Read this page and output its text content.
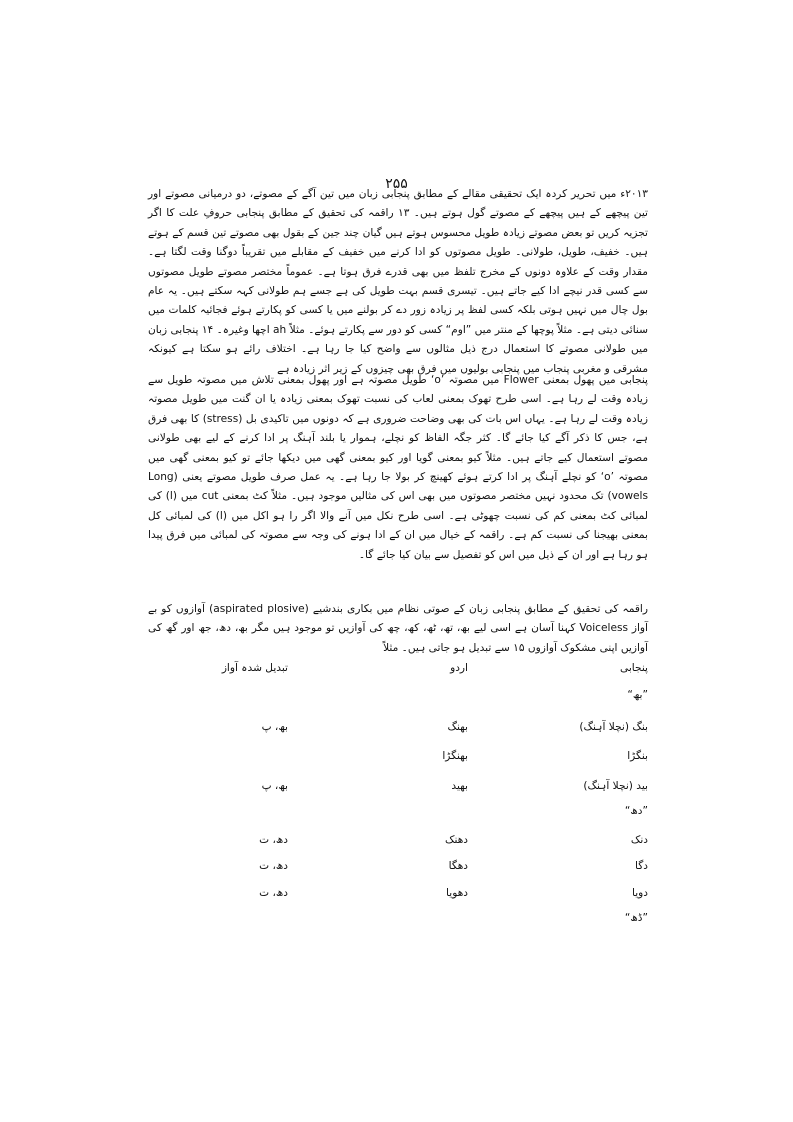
۲۵۵

۲۰۱۳ء میں تحریر کردہ ایک تحقیقی مقالے کے مطابق پنجابی زبان میں تین آگے کے مصوتے، دو درمیانی مصوتے اور تین پیچھے کے ہیں پیچھے کے مصوتے گول ہوتے ہیں۔ ۱۳ راقمہ کی تحقیق کے مطابق پنجابی حروفِ علت کا اگر تجزیہ کریں تو بعض مصوتے زیادہ طویل محسوس ہوتے ہیں گیان چند جین کے بقول بھی مصوتے تین قسم کے ہوتے ہیں۔ خفیف، طویل، طولانی۔ طویل مصوتوں کو ادا کرنے میں خفیف کے مقابلے میں تقریباً دوگنا وقت لگتا ہے۔ مقدار وقت کے علاوہ دونوں کے مخرج تلفظ میں بھی قدرے فرق ہوتا ہے۔ عموماً مختصر مصوتے طویل مصوتوں سے کسی قدر نیچے ادا کیے جاتے ہیں۔ تیسری قسم بہت طویل کی ہے جسے ہم طولانی کہہ سکتے ہیں۔ یہ عام بول چال میں نہیں ہوتی بلکہ کسی لفظ پر زیادہ زور دے کر بولنے میں یا کسی کو پکارتے ہوئے فجائیہ کلمات میں سنائی دیتی ہے۔ مثلاً پوچھا کے منتر میں ”اوم“ کسی کو دور سے پکارتے ہوئے۔ مثلاً ah اچھا وغیرہ۔ ۱۴ پنجابی زبان میں طولانی مصوتے کا استعمال درج ذیل مثالوں سے واضح کیا جا رہا ہے۔ اختلاف رائے ہو سکتا ہے کیونکہ مشرقی و مغربی پنجاب میں پنجابی بولیوں میں فرق بھی چیزوں کے زیر اثر زیادہ ہے

پنجابی میں پھول بمعنی Flower میں مصوتہ ’o‘ طویل مصوتہ ہے اور پھول بمعنی تلاش میں مصوتہ طویل سے زیادہ وقت لے رہا ہے۔ اسی طرح تھوک بمعنی لعاب کی نسبت تھوک بمعنی زیادہ یا ان گنت میں طویل مصوتہ زیادہ وقت لے رہا ہے۔ یہاں اس بات کی بھی وضاحت ضروری ہے کہ دونوں میں تاکیدی بل (stress) کا بھی فرق ہے، جس کا ذکر آگے کیا جائے گا۔ کثر جگہ الفاظ کو نچلے، ہموار یا بلند آہنگ پر ادا کرنے کے لیے بھی طولانی مصوتے استعمال کیے جاتے ہیں۔ مثلاً کیو بمعنی گویا اور کیو بمعنی گھی میں دیکھا جائے تو کیو بمعنی گھی میں مصوتہ ’o‘ کو نچلے آہنگ پر ادا کرتے ہوئے کھینچ کر بولا جا رہا ہے۔ یہ عمل صرف طویل مصوتے یعنی (Long vowels) تک محدود نہیں مختصر مصوتوں میں بھی اس کی مثالیں موجود ہیں۔ مثلاً کٹ بمعنی cut میں (ا) کی لمبائی کٹ بمعنی کم کی نسبت چھوٹی ہے۔ اسی طرح نکل میں آنے والا اگر را ہو اکل میں (ا) کی لمبائی کل بمعنی بھیجنا کی نسبت کم ہے۔ راقمہ کے خیال میں ان کے ادا ہونے کی وجہ سے مصوتہ کی لمبائی میں فرق پیدا ہو رہا ہے اور ان کے ذیل میں اس کو تفصیل سے بیان کیا جائے گا۔

راقمہ کی تحقیق کے مطابق پنجابی زبان کے صوتی نظام میں بکاری بندشیے (aspirated plosive) آوازوں کو بے آواز Voiceless کہنا آسان ہے اسی لیے بھ، تھ، ٹھ، کھ، چھ کی آوازیں تو موجود ہیں مگر بھ، دھ، جھ اور گھ کی آوازیں اپنی مشکوک آوازوں ۱۵ سے تبدیل ہو جاتی ہیں۔ مثلاً

پنجابی
اردو
تبدیل شدہ آواز
”بھ“
بنگ (نچلا آہنگ)
بھنگ
بھ، پ
بنگڑا
بھنگڑا
بید (نچلا آہنگ)
بھید
بھ، پ
”دھ“
دنک
دھنک
دھ، ت
دگا
دھگا
دھ، ت
دویا
دھویا
دھ، ت
”ڈھ“
